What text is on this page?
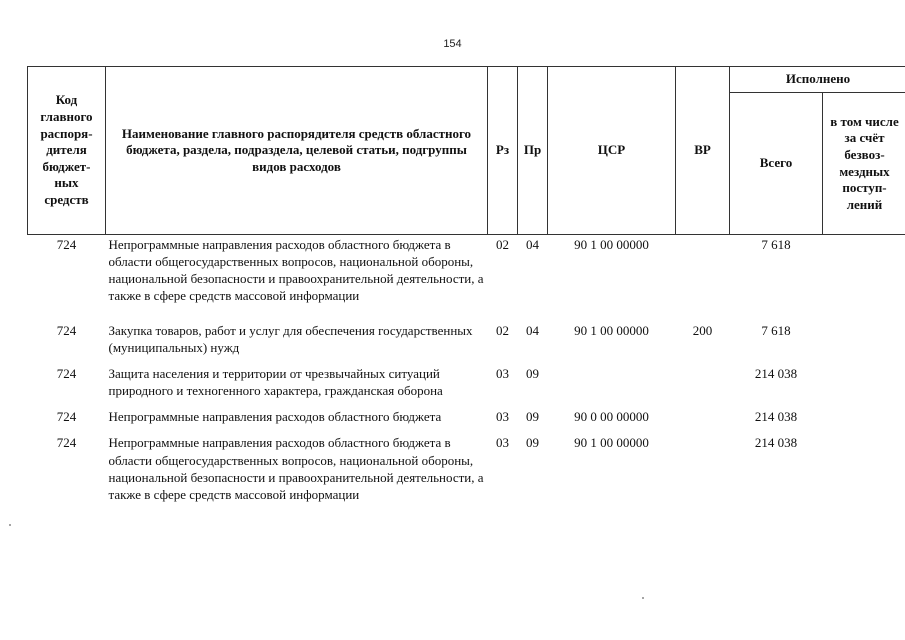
154
Код главного распоря-дителя бюджет-ных средств	Наименование главного распорядителя средств областного бюджета, раздела, подраздела, целевой статьи, подгруппы видов расходов	Рз	Пр	ЦСР	ВР	Исполнено	
						Всего	в том числе за счёт безвоз-мездных поступ-лений
724	Непрограммные направления расходов областного бюджета в области общегосударственных вопросов, национальной обороны, национальной безопасности и правоохранительной деятельности, а также в сфере средств массовой информации	02	04	90 1 00 00000		7 618	
724	Закупка товаров, работ и услуг для обеспечения государственных (муниципальных) нужд	02	04	90 1 00 00000	200	7 618	
724	Защита населения и территории от чрезвычайных ситуаций природного и техногенного характера, гражданская оборона	03	09			214 038	
724	Непрограммные направления расходов областного бюджета	03	09	90 0 00 00000		214 038	
724	Непрограммные направления расходов областного бюджета в области общегосударственных вопросов, национальной обороны, национальной безопасности и правоохранительной деятельности, а также в сфере средств массовой информации	03	09	90 1 00 00000		214 038	
